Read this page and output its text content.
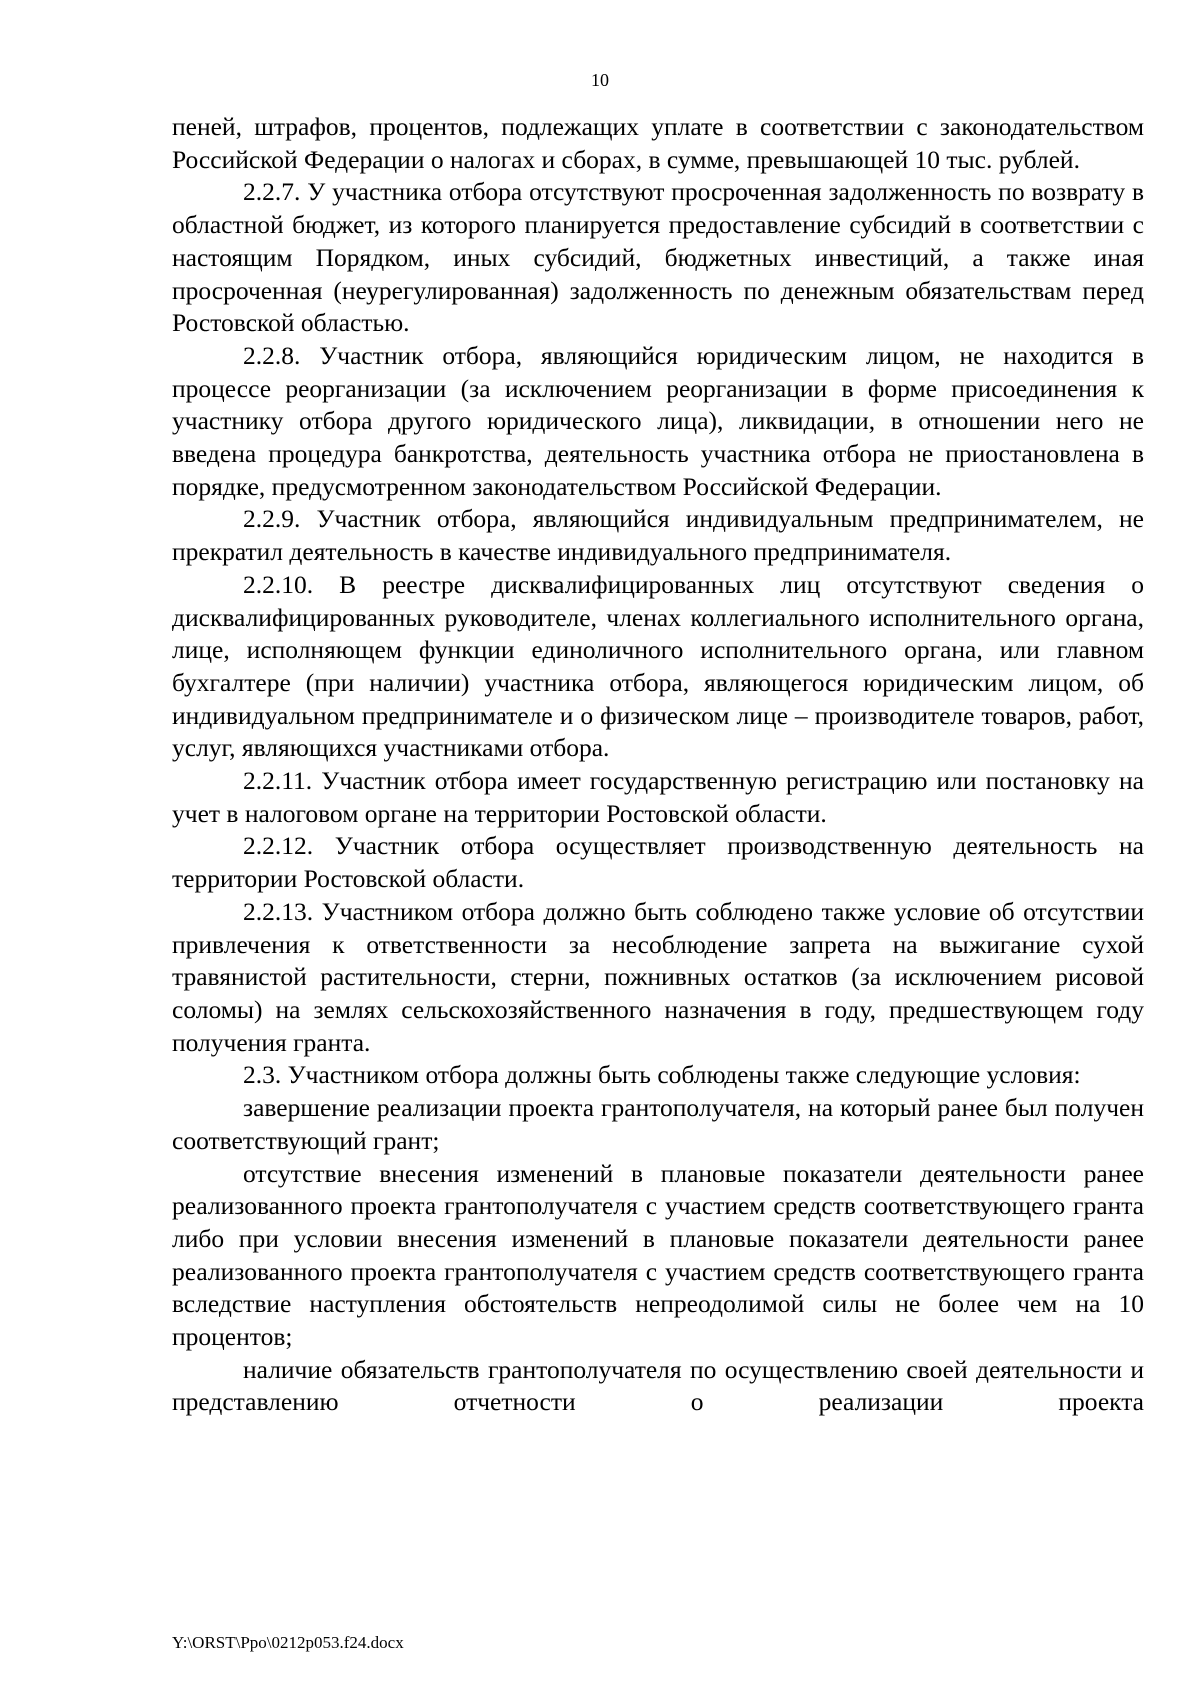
10

пеней, штрафов, процентов, подлежащих уплате в соответствии с законодательством Российской Федерации о налогах и сборах, в сумме, превышающей 10 тыс. рублей.

2.2.7. У участника отбора отсутствуют просроченная задолженность по возврату в областной бюджет, из которого планируется предоставление субсидий в соответствии с настоящим Порядком, иных субсидий, бюджетных инвестиций, а также иная просроченная (неурегулированная) задолженность по денежным обязательствам перед Ростовской областью.

2.2.8. Участник отбора, являющийся юридическим лицом, не находится в процессе реорганизации (за исключением реорганизации в форме присоединения к участнику отбора другого юридического лица), ликвидации, в отношении него не введена процедура банкротства, деятельность участника отбора не приостановлена в порядке, предусмотренном законодательством Российской Федерации.

2.2.9. Участник отбора, являющийся индивидуальным предпринимателем, не прекратил деятельность в качестве индивидуального предпринимателя.

2.2.10. В реестре дисквалифицированных лиц отсутствуют сведения о дисквалифицированных руководителе, членах коллегиального исполнительного органа, лице, исполняющем функции единоличного исполнительного органа, или главном бухгалтере (при наличии) участника отбора, являющегося юридическим лицом, об индивидуальном предпринимателе и о физическом лице – производителе товаров, работ, услуг, являющихся участниками отбора.

2.2.11. Участник отбора имеет государственную регистрацию или постановку на учет в налоговом органе на территории Ростовской области.

2.2.12. Участник отбора осуществляет производственную деятельность на территории Ростовской области.

2.2.13. Участником отбора должно быть соблюдено также условие об отсутствии привлечения к ответственности за несоблюдение запрета на выжигание сухой травянистой растительности, стерни, пожнивных остатков (за исключением рисовой соломы) на землях сельскохозяйственного назначения в году, предшествующем году получения гранта.

2.3. Участником отбора должны быть соблюдены также следующие условия:

завершение реализации проекта грантополучателя, на который ранее был получен соответствующий грант;

отсутствие внесения изменений в плановые показатели деятельности ранее реализованного проекта грантополучателя с участием средств соответствующего гранта либо при условии внесения изменений в плановые показатели деятельности ранее реализованного проекта грантополучателя с участием средств соответствующего гранта вследствие наступления обстоятельств непреодолимой силы не более чем на 10 процентов;

наличие обязательств грантополучателя по осуществлению своей деятельности и представлению отчетности о реализации проекта

Y:\ORST\Ppo\0212p053.f24.docx
